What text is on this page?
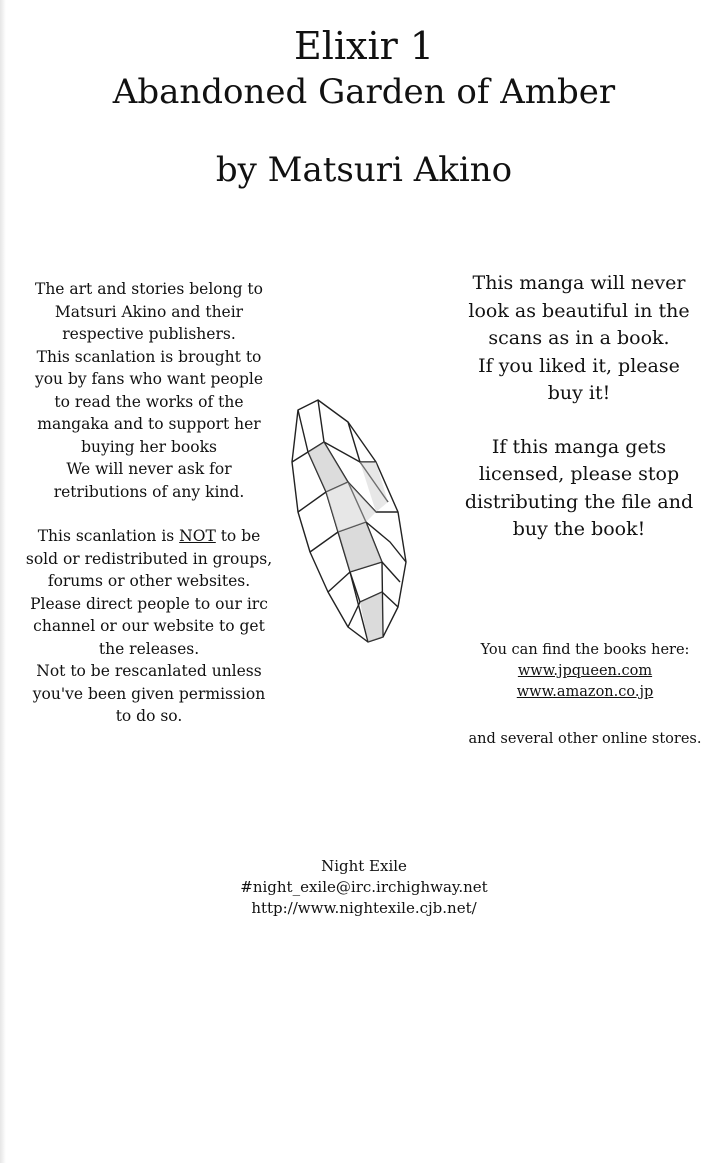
Elixir 1
Abandoned Garden of Amber
by Matsuri Akino

The art and stories belong to

Matsuri Akino and their

respective publishers.

This scanlation is brought to

you by fans who want people

to read the works of the

mangaka and to support her

buying her books

We will never ask for

retributions of any kind.

This scanlation is NOT to be

sold or redistributed in groups,

forums or other websites.

Please direct people to our irc

channel or our website to get

the releases.

Not to be rescanlated unless

you've been given permission

to do so.

This manga will never

look as beautiful in the

scans as in a book.

If you liked it, please

buy it!

If this manga gets

licensed, please stop

distributing the file and

buy the book!

You can find the books here:

www.jpqueen.com

www.amazon.co.jp

and several other online stores.

Night Exile

#night_exile@irc.irchighway.net

http://www.nightexile.cjb.net/
